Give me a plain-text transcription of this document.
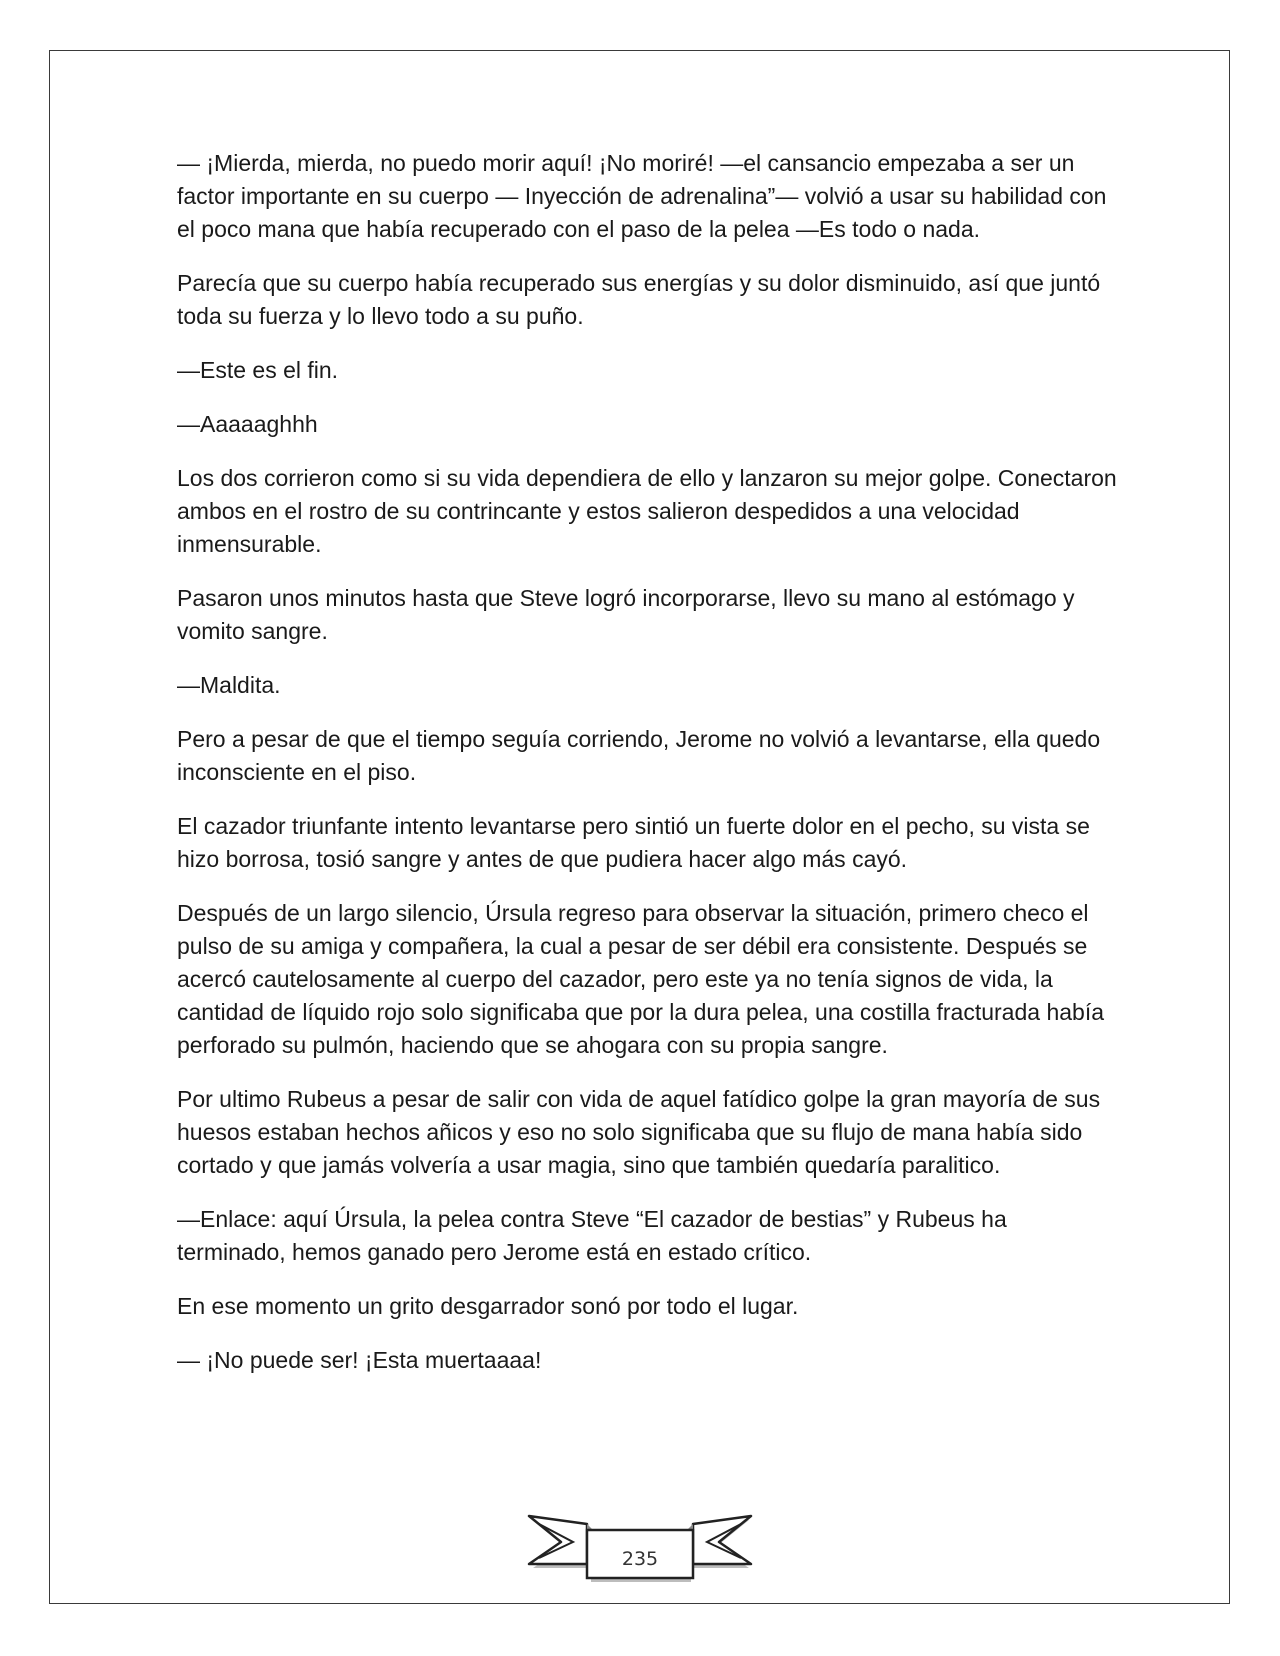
— ¡Mierda, mierda, no puedo morir aquí! ¡No moriré! —el cansancio empezaba a ser un factor importante en su cuerpo — Inyección de adrenalina”— volvió a usar su habilidad con el poco mana que había recuperado con el paso de la pelea —Es todo o nada.

Parecía que su cuerpo había recuperado sus energías y su dolor disminuido, así que juntó toda su fuerza y lo llevo todo a su puño.

—Este es el fin.

—Aaaaaghhh

Los dos corrieron como si su vida dependiera de ello y lanzaron su mejor golpe. Conectaron ambos en el rostro de su contrincante y estos salieron despedidos a una velocidad inmensurable.

Pasaron unos minutos hasta que Steve logró incorporarse, llevo su mano al estómago y vomito sangre.

—Maldita.

Pero a pesar de que el tiempo seguía corriendo, Jerome no volvió a levantarse, ella quedo inconsciente en el piso.

El cazador triunfante intento levantarse pero sintió un fuerte dolor en el pecho, su vista se hizo borrosa, tosió sangre y antes de que pudiera hacer algo más cayó.

Después de un largo silencio, Úrsula regreso para observar la situación, primero checo el pulso de su amiga y compañera, la cual a pesar de ser débil era consistente. Después se acercó cautelosamente al cuerpo del cazador, pero este ya no tenía signos de vida, la cantidad de líquido rojo solo significaba que por la dura pelea, una costilla fracturada había perforado su pulmón, haciendo que se ahogara con su propia sangre.

Por ultimo Rubeus a pesar de salir con vida de aquel fatídico golpe la gran mayoría de sus huesos estaban hechos añicos y eso no solo significaba que su flujo de mana había sido cortado y que jamás volvería a usar magia, sino que también quedaría paralitico.

—Enlace: aquí Úrsula, la pelea contra Steve “El cazador de bestias” y Rubeus ha terminado, hemos ganado pero Jerome está en estado crítico.

En ese momento un grito desgarrador sonó por todo el lugar.

— ¡No puede ser! ¡Esta muertaaaa!

235
